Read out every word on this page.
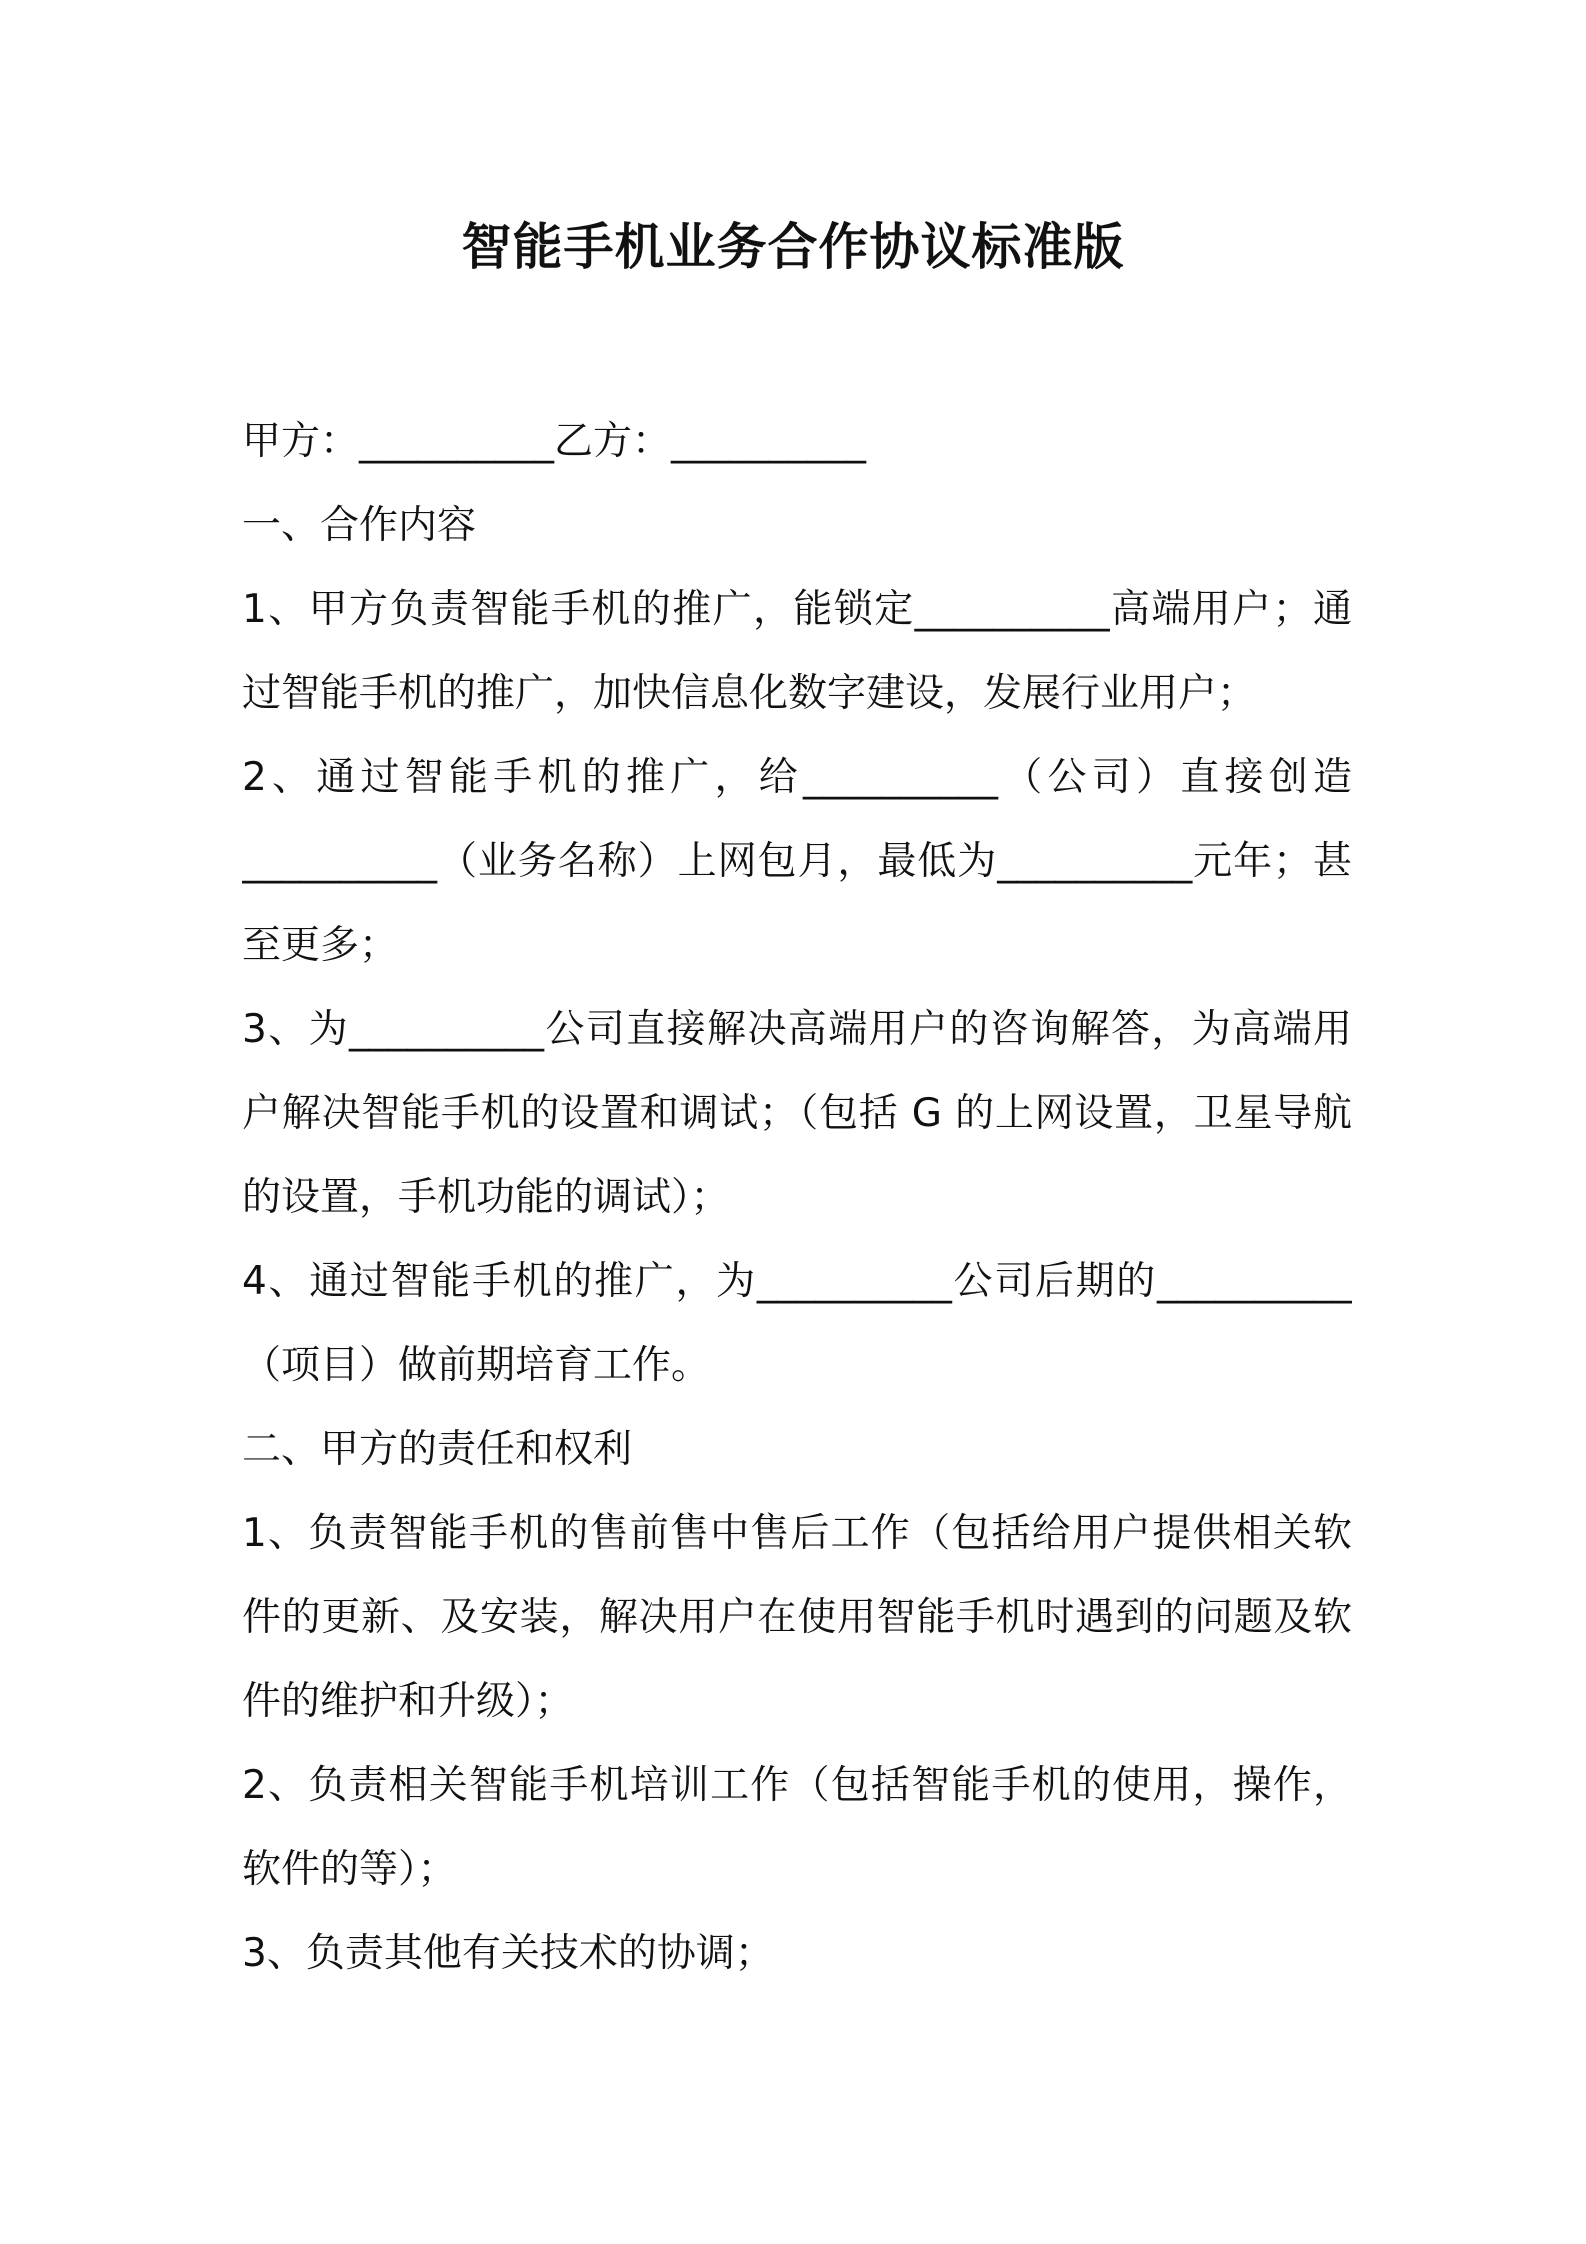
智能手机业务合作协议标准版
甲方：__________乙方：__________
一、合作内容
1、甲方负责智能手机的推广，能锁定__________高端用户；通
过智能手机的推广，加快信息化数字建设，发展行业用户；
2、通过智能手机的推广，给__________（公司）直接创造
__________（业务名称）上网包月，最低为__________元年；甚
至更多；
3、为__________公司直接解决高端用户的咨询解答，为高端用
户解决智能手机的设置和调试；（包括 G 的上网设置，卫星导航
的设置，手机功能的调试）；
4、通过智能手机的推广，为__________公司后期的__________
（项目）做前期培育工作。
二、甲方的责任和权利
1、负责智能手机的售前售中售后工作（包括给用户提供相关软
件的更新、及安装，解决用户在使用智能手机时遇到的问题及软
件的维护和升级）；
2、负责相关智能手机培训工作（包括智能手机的使用，操作，
软件的等）；
3、负责其他有关技术的协调；
